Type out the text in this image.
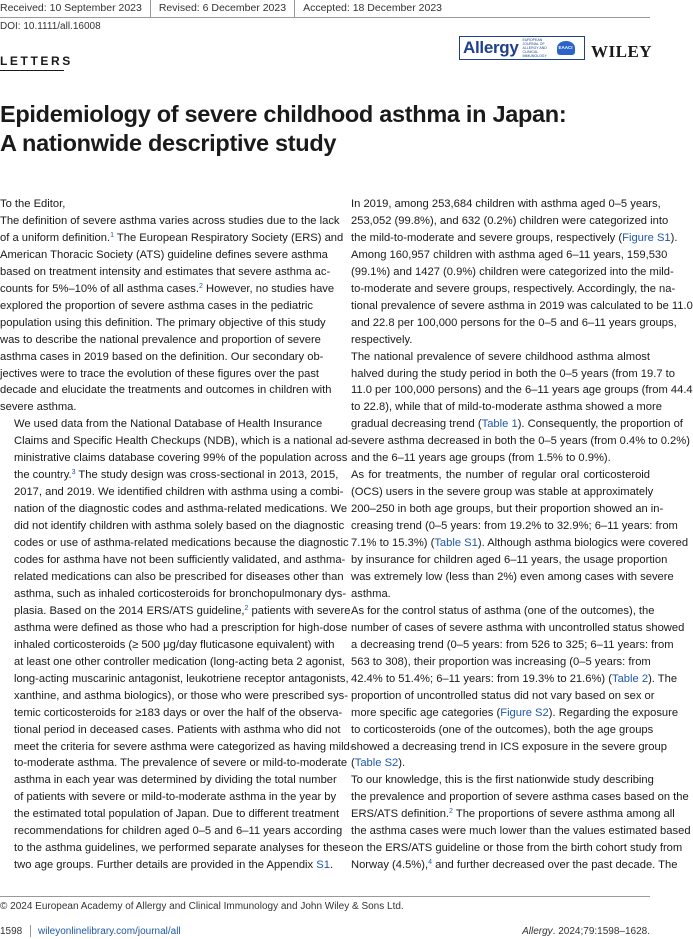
Received: 10 September 2023	Revised: 6 December 2023	Accepted: 18 December 2023
DOI: 10.1111/all.16008
Allergy EUROPEAN JOURNAL OF ALLERGY AND CLINICAL IMMUNOLOGY
EAACI WILEY
LETTERS
Epidemiology of severe childhood asthma in Japan:
A nationwide descriptive study

To the Editor,

The definition of severe asthma varies across studies due to the lack
of a uniform definition.$^1$ The European Respiratory Society (ERS) and
American Thoracic Society (ATS) guideline defines severe asthma
based on treatment intensity and estimates that severe asthma ac-
counts for 5%–10% of all asthma cases.$^2$ However, no studies have
explored the proportion of severe asthma cases in the pediatric
population using this definition. The primary objective of this study
was to describe the national prevalence and proportion of severe
asthma cases in 2019 based on the definition. Our secondary ob-
jectives were to trace the evolution of these figures over the past
decade and elucidate the treatments and outcomes in children with
severe asthma.

We used data from the National Database of Health Insurance
Claims and Specific Health Checkups (NDB), which is a national ad-
ministrative claims database covering 99% of the population across
the country.$^3$ The study design was cross-sectional in 2013, 2015,
2017, and 2019. We identified children with asthma using a combi-
nation of the diagnostic codes and asthma-related medications. We
did not identify children with asthma solely based on the diagnostic
codes or use of asthma-related medications because the diagnostic
codes for asthma have not been sufficiently validated, and asthma-
related medications can also be prescribed for diseases other than
asthma, such as inhaled corticosteroids for bronchopulmonary dys-
plasia. Based on the 2014 ERS/ATS guideline,$^2$ patients with severe
asthma were defined as those who had a prescription for high-dose
inhaled corticosteroids (≥ 500 μg/day fluticasone equivalent) with
at least one other controller medication (long-acting beta 2 agonist,
long-acting muscarinic antagonist, leukotriene receptor antagonists,
xanthine, and asthma biologics), or those who were prescribed sys-
temic corticosteroids for ≥183 days or over the half of the observa-
tional period in deceased cases. Patients with asthma who did not
meet the criteria for severe asthma were categorized as having mild-
to-moderate asthma. The prevalence of severe or mild-to-moderate
asthma in each year was determined by dividing the total number
of patients with severe or mild-to-moderate asthma in the year by
the estimated total population of Japan. Due to different treatment
recommendations for children aged 0–5 and 6–11 years according
to the asthma guidelines, we performed separate analyses for these
two age groups. Further details are provided in the Appendix S1.

In 2019, among 253,684 children with asthma aged 0–5 years,
253,052 (99.8%), and 632 (0.2%) children were categorized into
the mild-to-moderate and severe groups, respectively (Figure S1).
Among 160,957 children with asthma aged 6–11 years, 159,530
(99.1%) and 1427 (0.9%) children were categorized into the mild-
to-moderate and severe groups, respectively. Accordingly, the na-
tional prevalence of severe asthma in 2019 was calculated to be 11.0
and 22.8 per 100,000 persons for the 0–5 and 6–11 years groups,
respectively.

The national prevalence of severe childhood asthma almost
halved during the study period in both the 0–5 years (from 19.7 to
11.0 per 100,000 persons) and the 6–11 years age groups (from 44.4
to 22.8), while that of mild-to-moderate asthma showed a more
gradual decreasing trend (Table 1). Consequently, the proportion of
severe asthma decreased in both the 0–5 years (from 0.4% to 0.2%)
and the 6–11 years age groups (from 1.5% to 0.9%).

As for treatments, the number of regular oral corticosteroid
(OCS) users in the severe group was stable at approximately
200–250 in both age groups, but their proportion showed an in-
creasing trend (0–5 years: from 19.2% to 32.9%; 6–11 years: from
7.1% to 15.3%) (Table S1). Although asthma biologics were covered
by insurance for children aged 6–11 years, the usage proportion
was extremely low (less than 2%) even among cases with severe
asthma.

As for the control status of asthma (one of the outcomes), the
number of cases of severe asthma with uncontrolled status showed
a decreasing trend (0–5 years: from 526 to 325; 6–11 years: from
563 to 308), their proportion was increasing (0–5 years: from
42.4% to 51.4%; 6–11 years: from 19.3% to 21.6%) (Table 2). The
proportion of uncontrolled status did not vary based on sex or
more specific age categories (Figure S2). Regarding the exposure
to corticosteroids (one of the outcomes), both the age groups
showed a decreasing trend in ICS exposure in the severe group
(Table S2).

To our knowledge, this is the first nationwide study describing
the prevalence and proportion of severe asthma cases based on the
ERS/ATS definition.$^2$ The proportions of severe asthma among all
the asthma cases were much lower than the values estimated based
on the ERS/ATS guideline or those from the birth cohort study from
Norway (4.5%),$^4$ and further decreased over the past decade. The

© 2024 European Academy of Allergy and Clinical Immunology and John Wiley & Sons Ltd.
1598 wileyonlinelibrary.com/journal/all	Allergy. 2024;79:1598–1628.
